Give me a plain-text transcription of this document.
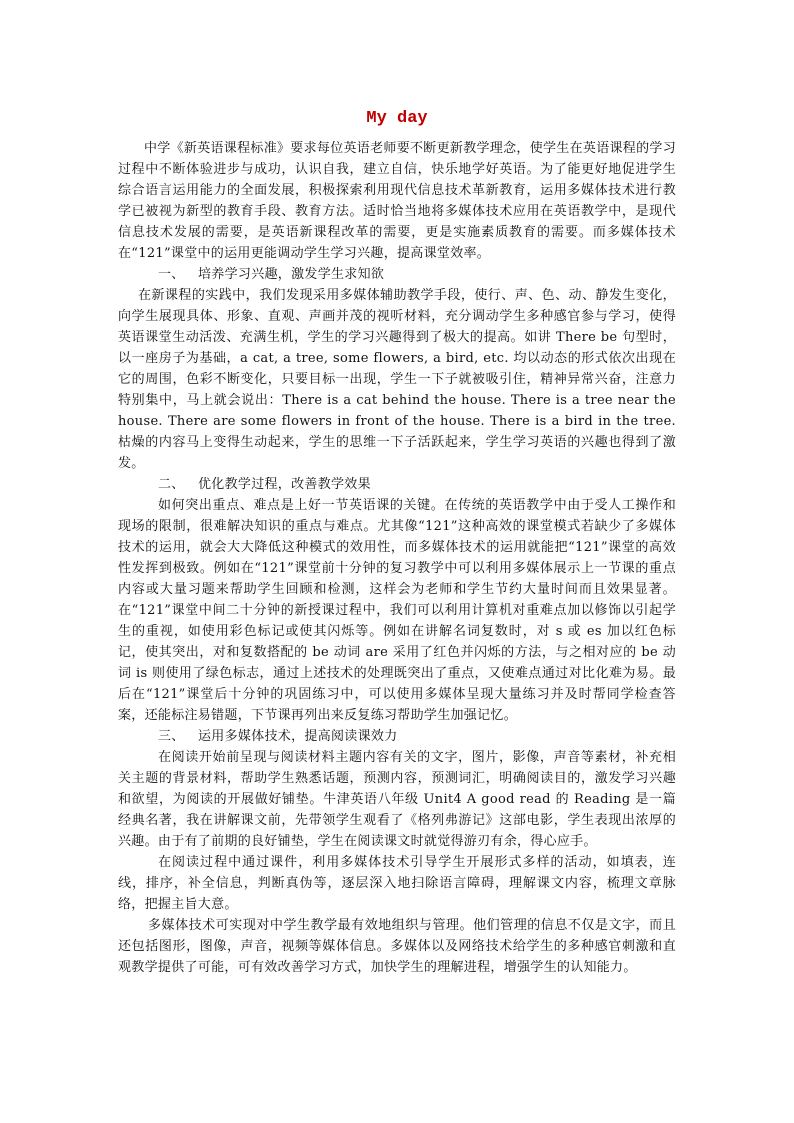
My day

中学《新英语课程标准》要求每位英语老师要不断更新教学理念，使学生在英语课程的学习过程中不断体验进步与成功，认识自我，建立自信，快乐地学好英语。为了能更好地促进学生综合语言运用能力的全面发展，积极探索利用现代信息技术革新教育，运用多媒体技术进行教学已被视为新型的教育手段、教育方法。适时恰当地将多媒体技术应用在英语教学中，是现代信息技术发展的需要，是英语新课程改革的需要，更是实施素质教育的需要。而多媒体技术在“121”课堂中的运用更能调动学生学习兴趣，提高课堂效率。

一、 培养学习兴趣，激发学生求知欲

在新课程的实践中，我们发现采用多媒体辅助教学手段，使行、声、色、动、静发生变化，向学生展现具体、形象、直观、声画并茂的视听材料，充分调动学生多种感官参与学习，使得英语课堂生动活泼、充满生机，学生的学习兴趣得到了极大的提高。如讲 There be 句型时，以一座房子为基础，a cat, a tree, some flowers, a bird, etc. 均以动态的形式依次出现在它的周围，色彩不断变化，只要目标一出现，学生一下子就被吸引住，精神异常兴奋，注意力特别集中，马上就会说出：There is a cat behind the house. There is a tree near the house. There are some flowers in front of the house. There is a bird in the tree. 枯燥的内容马上变得生动起来，学生的思维一下子活跃起来，学生学习英语的兴趣也得到了激发。

二、 优化教学过程，改善教学效果

如何突出重点、难点是上好一节英语课的关键。在传统的英语教学中由于受人工操作和现场的限制，很难解决知识的重点与难点。尤其像“121”这种高效的课堂模式若缺少了多媒体技术的运用，就会大大降低这种模式的效用性，而多媒体技术的运用就能把“121”课堂的高效性发挥到极致。例如在“121”课堂前十分钟的复习教学中可以利用多媒体展示上一节课的重点内容或大量习题来帮助学生回顾和检测，这样会为老师和学生节约大量时间而且效果显著。在“121”课堂中间二十分钟的新授课过程中，我们可以利用计算机对重难点加以修饰以引起学生的重视，如使用彩色标记或使其闪烁等。例如在讲解名词复数时，对 s 或 es 加以红色标记，使其突出，对和复数搭配的 be 动词 are 采用了红色并闪烁的方法，与之相对应的 be 动词 is 则使用了绿色标志，通过上述技术的处理既突出了重点，又使难点通过对比化难为易。最后在“121”课堂后十分钟的巩固练习中，可以使用多媒体呈现大量练习并及时帮同学检查答案，还能标注易错题，下节课再列出来反复练习帮助学生加强记忆。

三、 运用多媒体技术，提高阅读课效力

在阅读开始前呈现与阅读材料主题内容有关的文字，图片，影像，声音等素材，补充相关主题的背景材料，帮助学生熟悉话题，预测内容，预测词汇，明确阅读目的，激发学习兴趣和欲望，为阅读的开展做好铺垫。牛津英语八年级 Unit4 A good read 的 Reading 是一篇经典名著，我在讲解课文前，先带领学生观看了《格列弗游记》这部电影，学生表现出浓厚的兴趣。由于有了前期的良好铺垫，学生在阅读课文时就觉得游刃有余，得心应手。

在阅读过程中通过课件，利用多媒体技术引导学生开展形式多样的活动，如填表，连线，排序，补全信息，判断真伪等，逐层深入地扫除语言障碍，理解课文内容，梳理文章脉络，把握主旨大意。

多媒体技术可实现对中学生教学最有效地组织与管理。他们管理的信息不仅是文字，而且还包括图形，图像，声音，视频等媒体信息。多媒体以及网络技术给学生的多种感官刺激和直观教学提供了可能，可有效改善学习方式，加快学生的理解进程，增强学生的认知能力。
